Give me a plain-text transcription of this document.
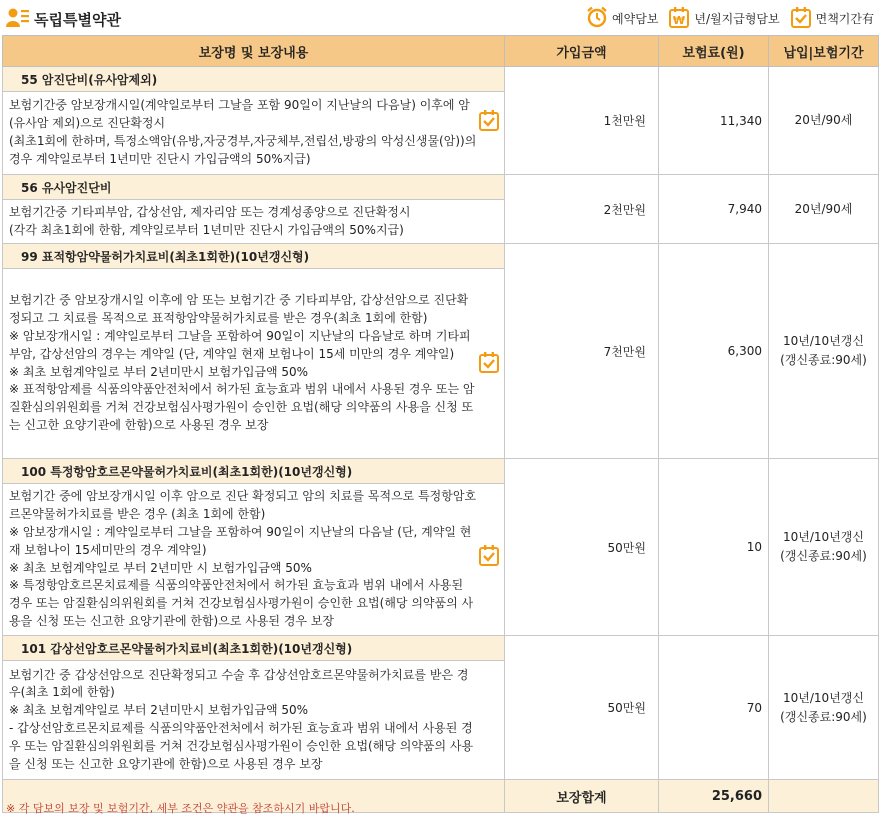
독립특별약관	예약담보 ₩ 년/월지급형담보	면책기간有
보장명 및 보장내용	가입금액	보험료(원)	납입|보험기간
55 암진단비(유사암제외)	1천만원	11,340	20년/90세

보험기간중 암보장개시일(계약일로부터 그날을 포함 90일이 지난날의 다음날) 이후에 암(유사암 제외)으로 진단확정시
(최초1회에 한하며, 특정소액암(유방,자궁경부,자궁체부,전립선,방광의 악성신생물(암))의 경우 계약일로부터 1년미만 진단시 가입금액의 50%지급)			

56 유사암진단비	2천만원	7,940	20년/90세

보험기간중 기타피부암, 갑상선암, 제자리암 또는 경계성종양으로 진단확정시
(각각 최초1회에 한함, 계약일로부터 1년미만 진단시 가입금액의 50%지급)			

99 표적항암약물허가치료비(최초1회한)(10년갱신형)	7천만원	6,300	10년/10년갱신
(갱신종료:90세)

보험기간 중 암보장개시일 이후에 암 또는 보험기간 중 기타피부암, 갑상선암으로 진단확정되고 그 치료를 목적으로 표적항암약물허가치료를 받은 경우(최초 1회에 한함)
※ 암보장개시일 : 계약일로부터 그날을 포함하여 90일이 지난날의 다음날로 하며 기타피부암, 갑상선암의 경우는 계약일 (단, 계약일 현재 보험나이 15세 미만의 경우 계약일)
※ 최초 보험계약일로 부터 2년미만시 보험가입금액 50%
※ 표적항암제를 식품의약품안전처에서 허가된 효능효과 범위 내에서 사용된 경우 또는 암질환심의위원회를 거쳐 건강보험심사평가원이 승인한 요법(해당 의약품의 사용을 신청 또는 신고한 요양기관에 한함)으로 사용된 경우 보장			

100 특정항암호르몬약물허가치료비(최초1회한)(10년갱신형)	50만원	10	10년/10년갱신
(갱신종료:90세)

보험기간 중에 암보장개시일 이후 암으로 진단 확정되고 암의 치료를 목적으로 특정항암호르몬약물허가치료를 받은 경우 (최초 1회에 한함)
※ 암보장개시일 : 계약일로부터 그날을 포함하여 90일이 지난날의 다음날 (단, 계약일 현재 보험나이 15세미만의 경우 계약일)
※ 최초 보험계약일로 부터 2년미만 시 보험가입금액 50%
※ 특정항암호르몬치료제를 식품의약품안전처에서 허가된 효능효과 범위 내에서 사용된 경우 또는 암질환심의위원회를 거쳐 건강보험심사평가원이 승인한 요법(해당 의약품의 사용을 신청 또는 신고한 요양기관에 한함)으로 사용된 경우 보장			

101 갑상선암호르몬약물허가치료비(최초1회한)(10년갱신형)	50만원	70	10년/10년갱신
(갱신종료:90세)

보험기간 중 갑상선암으로 진단확정되고 수술 후 갑상선암호르몬약물허가치료를 받은 경우(최초 1회에 한함)
※ 최초 보험계약일로 부터 2년미만시 보험가입금액 50%
- 갑상선암호르몬치료제를 식품의약품안전처에서 허가된 효능효과 범위 내에서 사용된 경우 또는 암질환심의위원회를 거쳐 건강보험심사평가원이 승인한 요법(해당 의약품의 사용을 신청 또는 신고한 요양기관에 한함)으로 사용된 경우 보장			

	보장합계	25,660	
※ 각 담보의 보장 및 보험기간, 세부 조건은 약관을 참조하시기 바랍니다.
